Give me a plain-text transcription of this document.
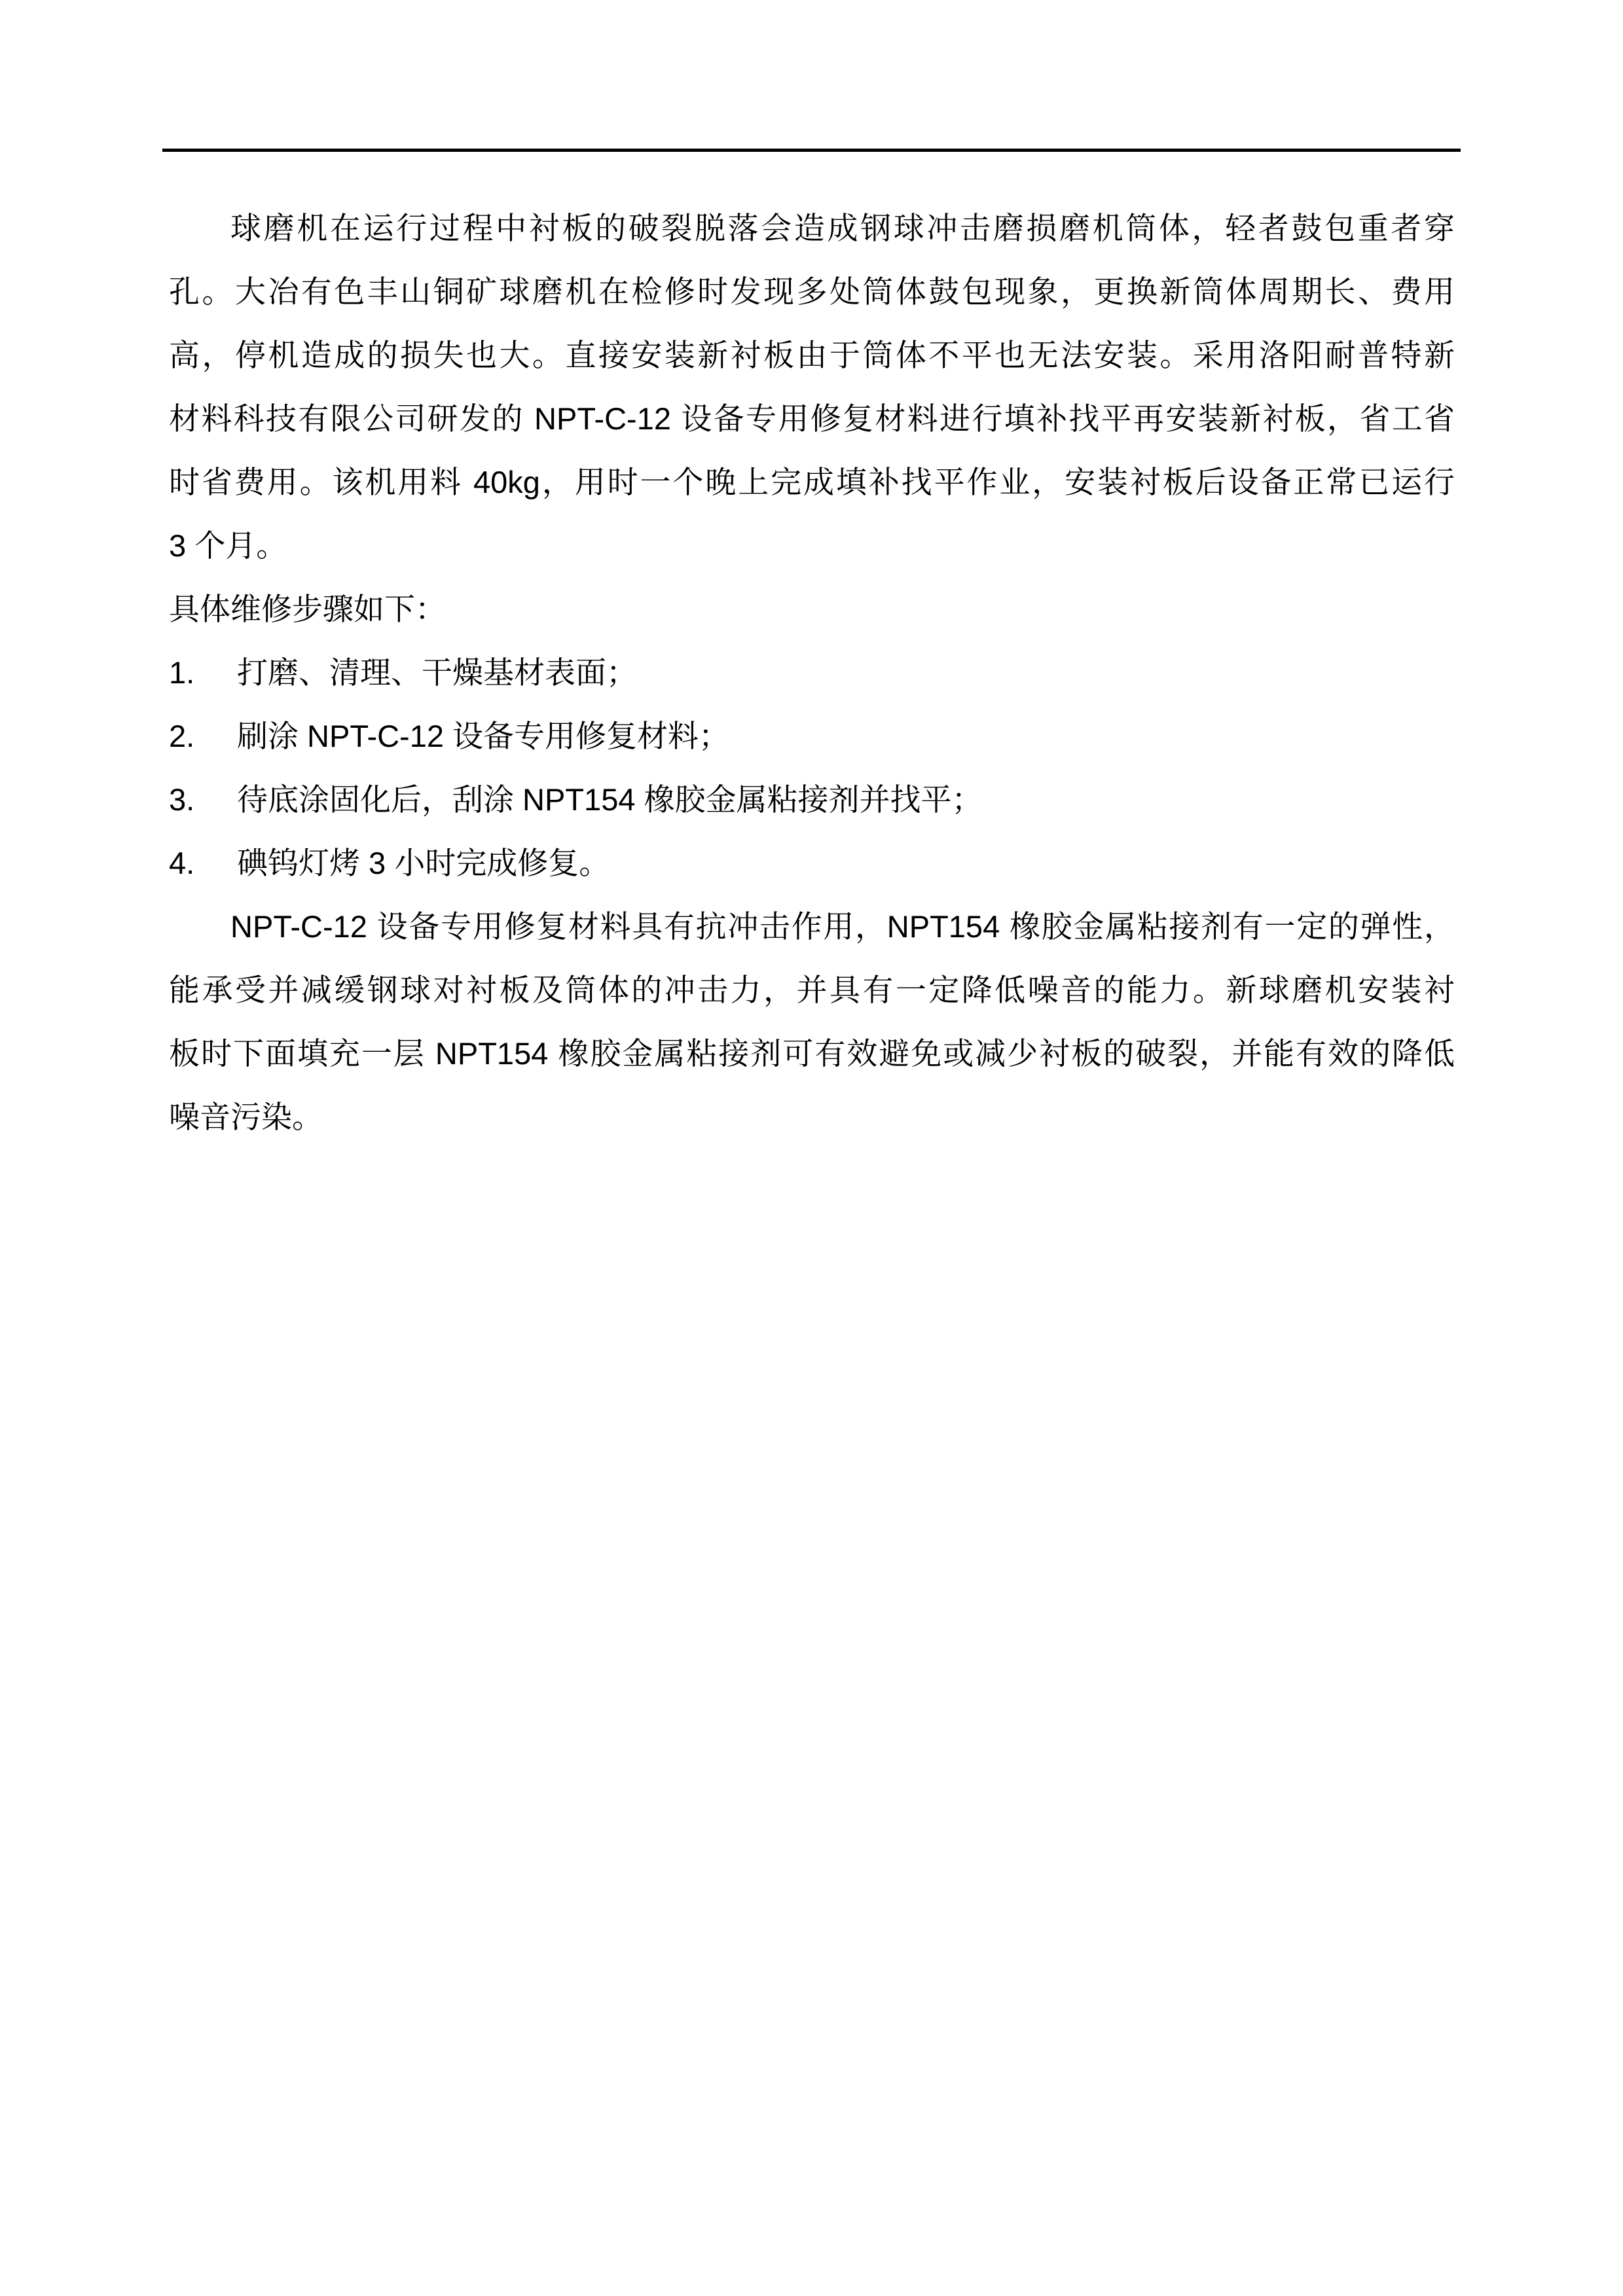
球磨机在运行过程中衬板的破裂脱落会造成钢球冲击磨损磨机筒体，轻者鼓包重者穿
孔。大冶有色丰山铜矿球磨机在检修时发现多处筒体鼓包现象，更换新筒体周期长、费用
高，停机造成的损失也大。直接安装新衬板由于筒体不平也无法安装。采用洛阳耐普特新
材料科技有限公司研发的 NPT-C-12 设备专用修复材料进行填补找平再安装新衬板，省工省
时省费用。该机用料 40kg，用时一个晚上完成填补找平作业，安装衬板后设备正常已运行
3 个月。
具体维修步骤如下：
1. 打磨、清理、干燥基材表面；
2. 刷涂 NPT-C-12 设备专用修复材料；
3. 待底涂固化后，刮涂 NPT154 橡胶金属粘接剂并找平；
4. 碘钨灯烤 3 小时完成修复。
NPT-C-12 设备专用修复材料具有抗冲击作用，NPT154 橡胶金属粘接剂有一定的弹性，
能承受并减缓钢球对衬板及筒体的冲击力，并具有一定降低噪音的能力。新球磨机安装衬
板时下面填充一层 NPT154 橡胶金属粘接剂可有效避免或减少衬板的破裂，并能有效的降低
噪音污染。
